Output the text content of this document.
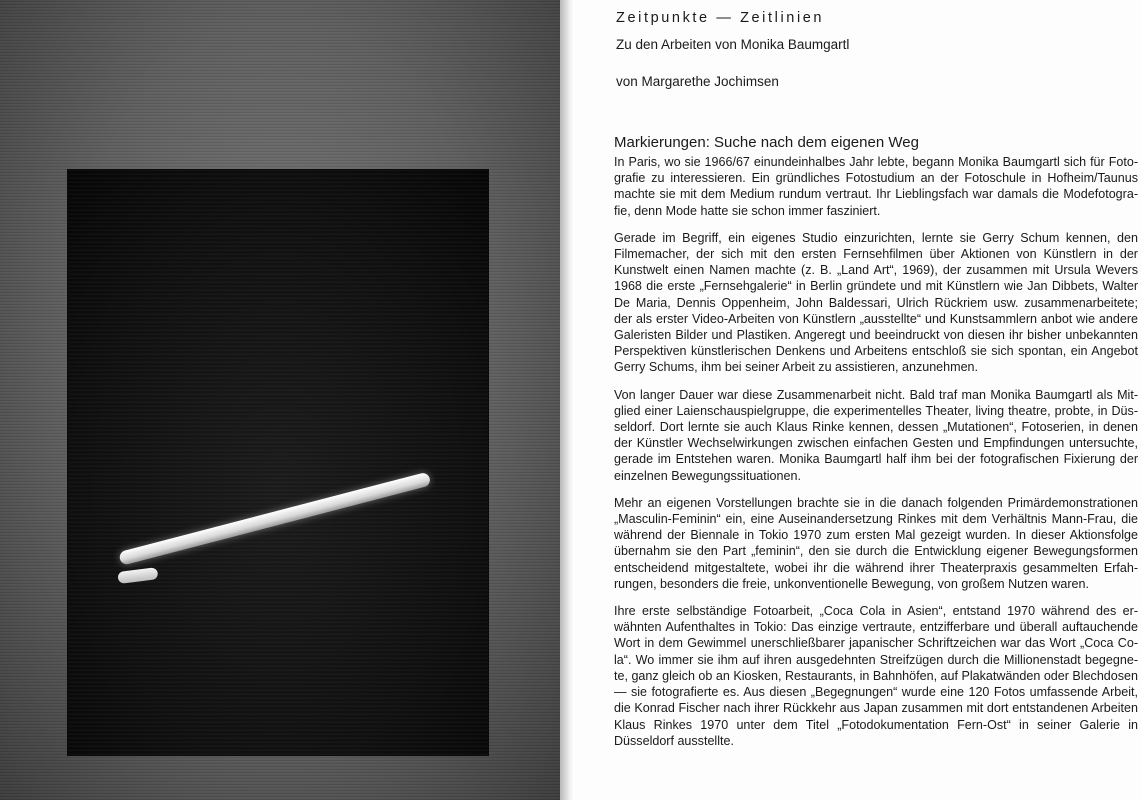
Zeitpunkte — Zeitlinien
Zu den Arbeiten von Monika Baumgartl
von Margarethe Jochimsen
Markierungen: Suche nach dem eigenen Weg

In Paris, wo sie 1966/67 einundeinhalbes Jahr lebte, begann Monika Baumgartl sich für Fotografie zu interessieren. Ein gründliches Fotostudium an der Fotoschule in Hofheim/Taunus machte sie mit dem Medium rundum vertraut. Ihr Lieblingsfach war damals die Modefotografie, denn Mode hatte sie schon immer fasziniert.

Gerade im Begriff, ein eigenes Studio einzurichten, lernte sie Gerry Schum kennen, den Filmemacher, der sich mit den ersten Fernsehfilmen über Aktionen von Künstlern in der Kunstwelt einen Namen machte (z. B. „Land Art“, 1969), der zusammen mit Ursula Wevers 1968 die erste „Fernsehgalerie“ in Berlin gründete und mit Künstlern wie Jan Dibbets, Walter De Maria, Dennis Oppenheim, John Baldessari, Ulrich Rückriem usw. zusammenarbeitete; der als erster Video-Arbeiten von Künstlern „ausstellte“ und Kunstsammlern anbot wie andere Galeristen Bilder und Plastiken. Angeregt und beeindruckt von diesen ihr bisher unbekannten Perspektiven künstlerischen Denkens und Arbeitens entschloß sie sich spontan, ein Angebot Gerry Schums, ihm bei seiner Arbeit zu assistieren, anzunehmen.

Von langer Dauer war diese Zusammenarbeit nicht. Bald traf man Monika Baumgartl als Mitglied einer Laienschauspielgruppe, die experimentelles Theater, living theatre, probte, in Düsseldorf. Dort lernte sie auch Klaus Rinke kennen, dessen „Mutationen“, Fotoserien, in denen der Künstler Wechselwirkungen zwischen einfachen Gesten und Empfindungen untersuchte, gerade im Entstehen waren. Monika Baumgartl half ihm bei der fotografischen Fixierung der einzelnen Bewegungssituationen.

Mehr an eigenen Vorstellungen brachte sie in die danach folgenden Primärdemonstrationen „Masculin-Feminin“ ein, eine Auseinandersetzung Rinkes mit dem Verhältnis Mann-Frau, die während der Biennale in Tokio 1970 zum ersten Mal gezeigt wurden. In dieser Aktionsfolge übernahm sie den Part „feminin“, den sie durch die Entwicklung eigener Bewegungsformen entscheidend mitgestaltete, wobei ihr die während ihrer Theaterpraxis gesammelten Erfahrungen, besonders die freie, unkonventionelle Bewegung, von großem Nutzen waren.

Ihre erste selbständige Fotoarbeit, „Coca Cola in Asien“, entstand 1970 während des erwähnten Aufenthaltes in Tokio: Das einzige vertraute, entzifferbare und überall auftauchende Wort in dem Gewimmel unerschließbarer japanischer Schriftzeichen war das Wort „Coca Cola“. Wo immer sie ihm auf ihren ausgedehnten Streifzügen durch die Millionenstadt begegnete, ganz gleich ob an Kiosken, Restaurants, in Bahnhöfen, auf Plakatwänden oder Blechdosen — sie fotografierte es. Aus diesen „Begegnungen“ wurde eine 120 Fotos umfassende Arbeit, die Konrad Fischer nach ihrer Rückkehr aus Japan zusammen mit dort entstandenen Arbeiten Klaus Rinkes 1970 unter dem Titel „Fotodokumentation Fern-Ost“ in seiner Galerie in Düsseldorf ausstellte.
